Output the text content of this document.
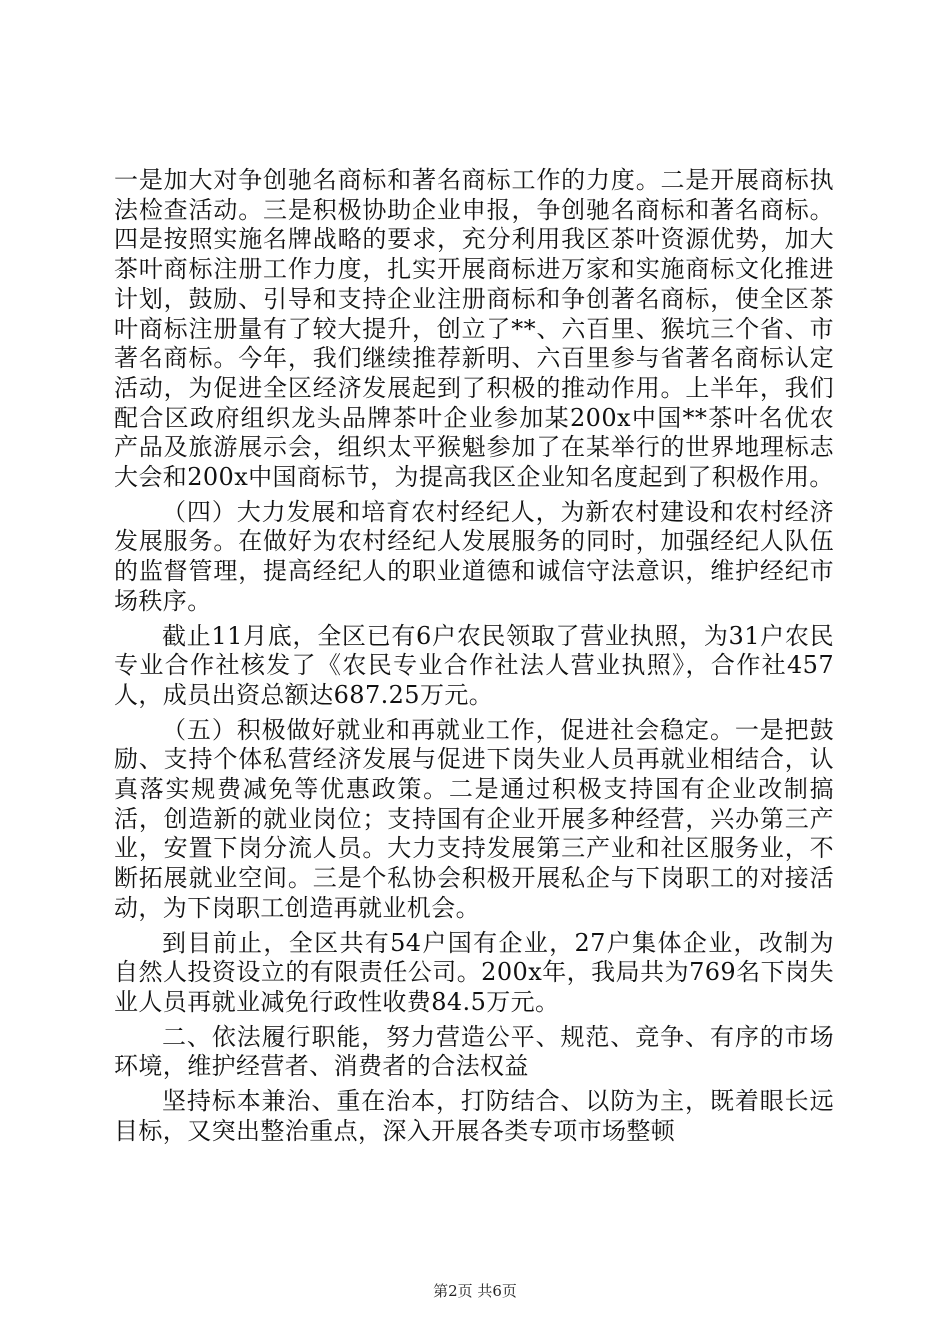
一是加大对争创驰名商标和著名商标工作的力度。二是开展商标执法检查活动。三是积极协助企业申报，争创驰名商标和著名商标。四是按照实施名牌战略的要求，充分利用我区茶叶资源优势，加大茶叶商标注册工作力度，扎实开展商标进万家和实施商标文化推进计划，鼓励、引导和支持企业注册商标和争创著名商标，使全区茶叶商标注册量有了较大提升，创立了**、六百里、猴坑三个省、市著名商标。今年，我们继续推荐新明、六百里参与省著名商标认定活动，为促进全区经济发展起到了积极的推动作用。上半年，我们配合区政府组织龙头品牌茶叶企业参加某200x中国**茶叶名优农产品及旅游展示会，组织太平猴魁参加了在某举行的世界地理标志大会和200x中国商标节，为提高我区企业知名度起到了积极作用。

（四）大力发展和培育农村经纪人，为新农村建设和农村经济发展服务。在做好为农村经纪人发展服务的同时，加强经纪人队伍的监督管理，提高经纪人的职业道德和诚信守法意识，维护经纪市场秩序。

截止11月底，全区已有6户农民领取了营业执照，为31户农民专业合作社核发了《农民专业合作社法人营业执照》，合作社457人，成员出资总额达687.25万元。

（五）积极做好就业和再就业工作，促进社会稳定。一是把鼓励、支持个体私营经济发展与促进下岗失业人员再就业相结合，认真落实规费减免等优惠政策。二是通过积极支持国有企业改制搞活，创造新的就业岗位；支持国有企业开展多种经营，兴办第三产业，安置下岗分流人员。大力支持发展第三产业和社区服务业，不断拓展就业空间。三是个私协会积极开展私企与下岗职工的对接活动，为下岗职工创造再就业机会。

到目前止，全区共有54户国有企业，27户集体企业，改制为自然人投资设立的有限责任公司。200x年，我局共为769名下岗失业人员再就业减免行政性收费84.5万元。

二、依法履行职能，努力营造公平、规范、竞争、有序的市场环境，维护经营者、消费者的合法权益

坚持标本兼治、重在治本，打防结合、以防为主，既着眼长远目标，又突出整治重点，深入开展各类专项市场整顿

第2页 共6页
